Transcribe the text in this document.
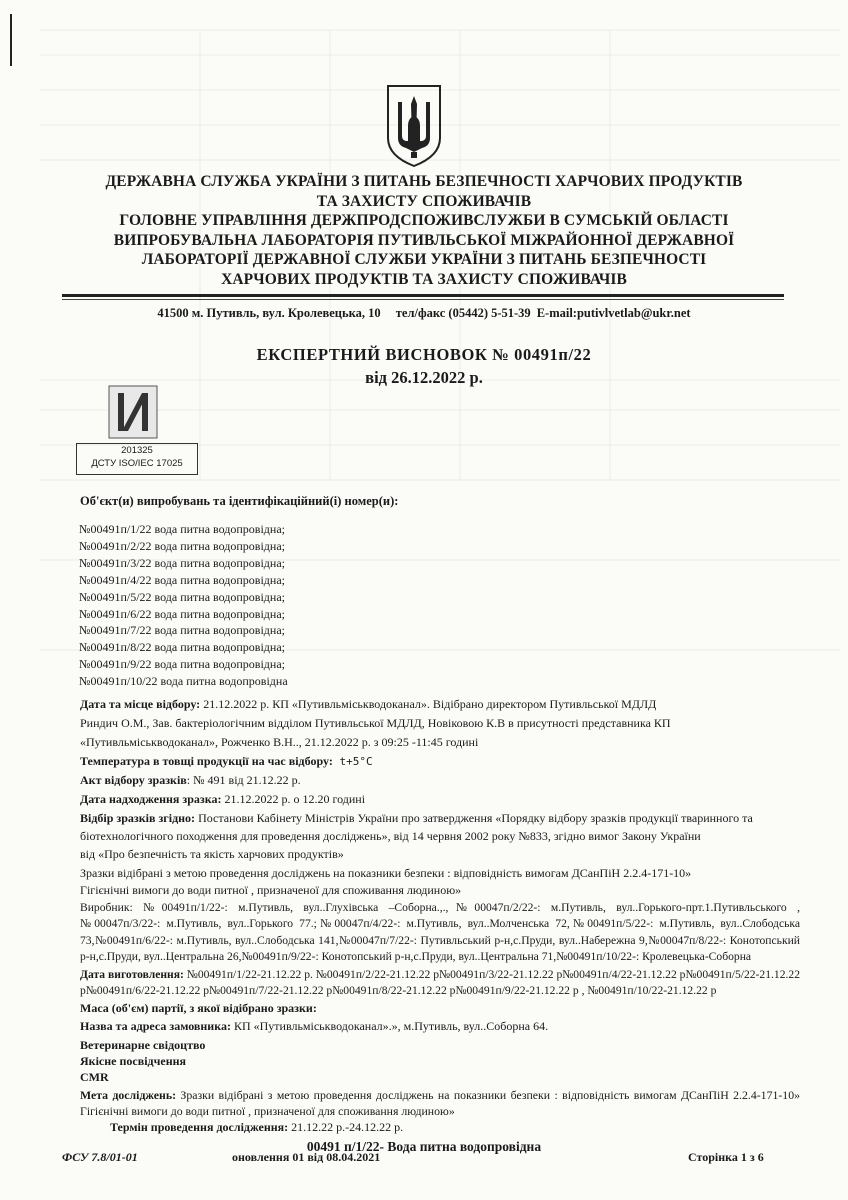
ДЕРЖАВНА СЛУЖБА УКРАЇНИ З ПИТАНЬ БЕЗПЕЧНОСТІ ХАРЧОВИХ ПРОДУКТІВ
ТА ЗАХИСТУ СПОЖИВАЧІВ
ГОЛОВНЕ УПРАВЛІННЯ ДЕРЖПРОДСПОЖИВСЛУЖБИ В СУМСЬКІЙ ОБЛАСТІ
ВИПРОБУВАЛЬНА ЛАБОРАТОРІЯ ПУТИВЛЬСЬКОЇ МІЖРАЙОННОЇ ДЕРЖАВНОЇ
ЛАБОРАТОРІЇ ДЕРЖАВНОЇ СЛУЖБИ УКРАЇНИ З ПИТАНЬ БЕЗПЕЧНОСТІ
ХАРЧОВИХ ПРОДУКТІВ ТА ЗАХИСТУ СПОЖИВАЧІВ
41500 м. Путивль, вул. Кролевецька, 10 тел/факс (05442) 5-51-39 E-mail:putivlvetlab@ukr.net
ЕКСПЕРТНИЙ ВИСНОВОК № 00491п/22
від 26.12.2022 р.
201325
ДСТУ ISO/IEC 17025
Об'єкт(и) випробувань та ідентифікаційний(і) номер(и):
№00491п/1/22 вода питна водопровідна;
№00491п/2/22 вода питна водопровідна;
№00491п/3/22 вода питна водопровідна;
№00491п/4/22 вода питна водопровідна;
№00491п/5/22 вода питна водопровідна;
№00491п/6/22 вода питна водопровідна;
№00491п/7/22 вода питна водопровідна;
№00491п/8/22 вода питна водопровідна;
№00491п/9/22 вода питна водопровідна;
№00491п/10/22 вода питна водопровідна
Дата та місце відбору: 21.12.2022 р. КП «Путивльміськводоканал». Відібрано директором Путивльської МДЛД
Риндич О.М., Зав. бактеріологічним відділом Путивльської МДЛД, Новіковою К.В в присутності представника КП
«Путивльміськводоканал», Рожченко В.Н.., 21.12.2022 р. з 09:25 -11:45 годині
Температура в товщі продукції на час відбору: t+5°C
Акт відбору зразків: № 491 від 21.12.22 р.
Дата надходження зразка: 21.12.2022 р. о 12.20 годині
Відбір зразків згідно: Постанови Кабінету Міністрів України про затвердження «Порядку відбору зразків продукції тваринного та
біотехнологічного походження для проведення досліджень», від 14 червня 2002 року №833, згідно вимог Закону України
від «Про безпечність та якість харчових продуктів»
Зразки відібрані з метою проведення досліджень на показники безпеки : відповідність вимогам ДСанПіН 2.2.4-171-10»
Гігієнічні вимоги до води питної , призначеної для споживання людиною»
Виробник: №00491п/1/22-: м.Путивль, вул..Глухівська –Соборна.,.,№00047п/2/22-: м.Путивль, вул..Горького-прт.1.Путивльського ,№00047п/3/22-: м.Путивль, вул..Горького 77.;№00047п/4/22-: м.Путивль, вул..Молченська 72,№00491п/5/22-: м.Путивль, вул..Слободська 73,№00491п/6/22-: м.Путивль, вул..Слободська 141,№00047п/7/22-: Путивльський р-н,с.Пруди, вул..Набережна 9,№00047п/8/22-: Конотопський р-н,с.Пруди, вул..Центральна 26,№00491п/9/22-: Конотопський р-н,с.Пруди, вул..Центральна 71,№00491п/10/22-: Кролевецька-Соборна
Дата виготовлення: №00491п/1/22-21.12.22 р. №00491п/2/22-21.12.22 р№00491п/3/22-21.12.22 р№00491п/4/22-21.12.22 р№00491п/5/22-21.12.22 р№00491п/6/22-21.12.22 р№00491п/7/22-21.12.22 р№00491п/8/22-21.12.22 р№00491п/9/22-21.12.22 р , №00491п/10/22-21.12.22 р
Маса (об'єм) партії, з якої відібрано зразки:
Назва та адреса замовника: КП «Путивльміськводоканал».», м.Путивль, вул..Соборна 64.
Ветеринарне свідоцтво
Якісне посвідчення
CMR
Мета досліджень: Зразки відібрані з метою проведення досліджень на показники безпеки : відповідність вимогам ДСанПіН 2.2.4-171-10» Гігієнічні вимоги до води питної , призначеної для споживання людиною»
Термін проведення дослідження: 21.12.22 р.-24.12.22 р.
00491 п/1/22- Вода питна водопровідна
ФСУ 7.8/01-01	оновлення 01 від 08.04.2021	Сторінка 1 з 6
